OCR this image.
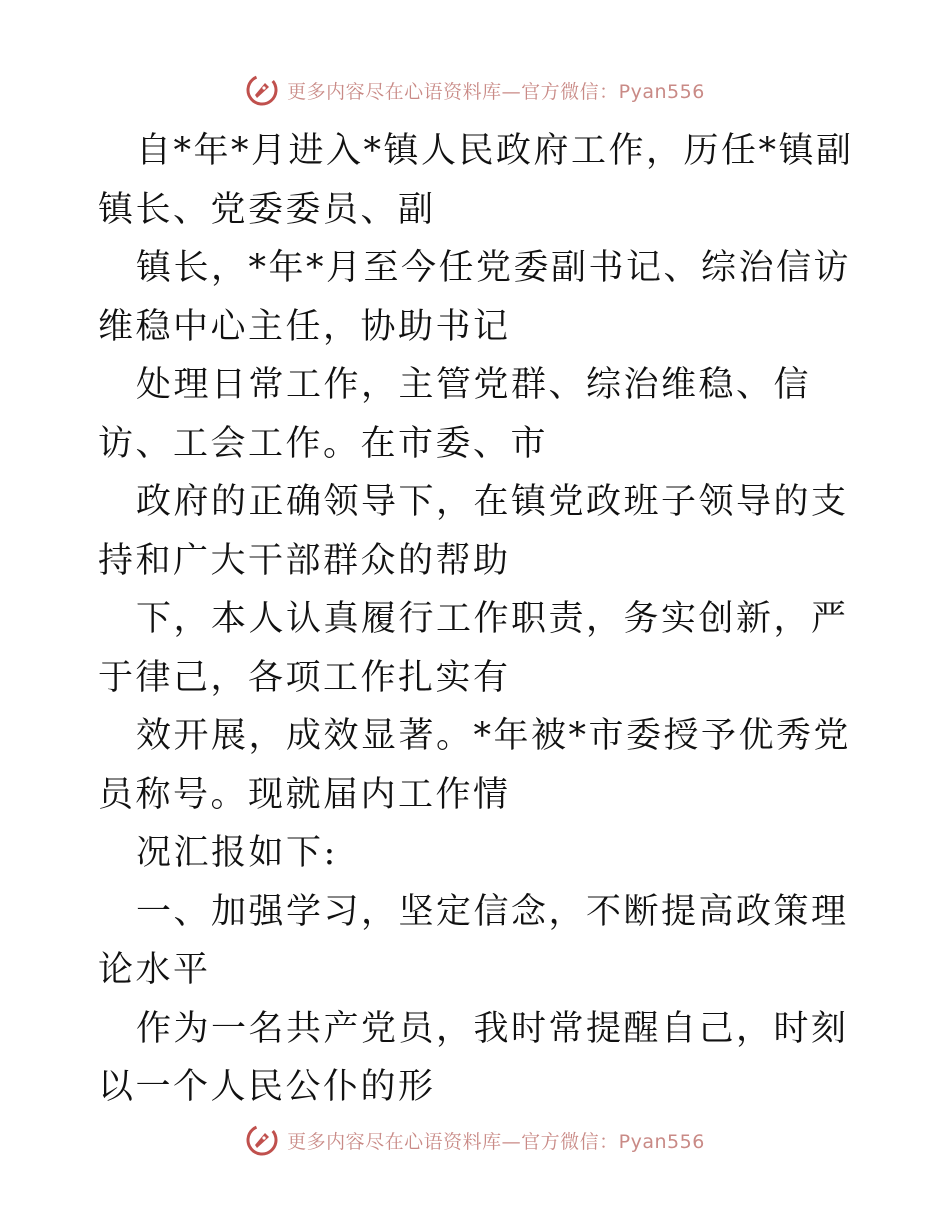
更多内容尽在心语资料库—官方微信：Pyan556

自*年*月进入*镇人民政府工作，历任*镇副镇长、党委委员、副

镇长，*年*月至今任党委副书记、综治信访维稳中心主任，协助书记

处理日常工作，主管党群、综治维稳、信访、工会工作。在市委、市

政府的正确领导下，在镇党政班子领导的支持和广大干部群众的帮助

下，本人认真履行工作职责，务实创新，严于律己，各项工作扎实有

效开展，成效显著。*年被*市委授予优秀党员称号。现就届内工作情

况汇报如下:

一、加强学习，坚定信念，不断提高政策理论水平

作为一名共产党员，我时常提醒自己，时刻以一个人民公仆的形

更多内容尽在心语资料库—官方微信：Pyan556
